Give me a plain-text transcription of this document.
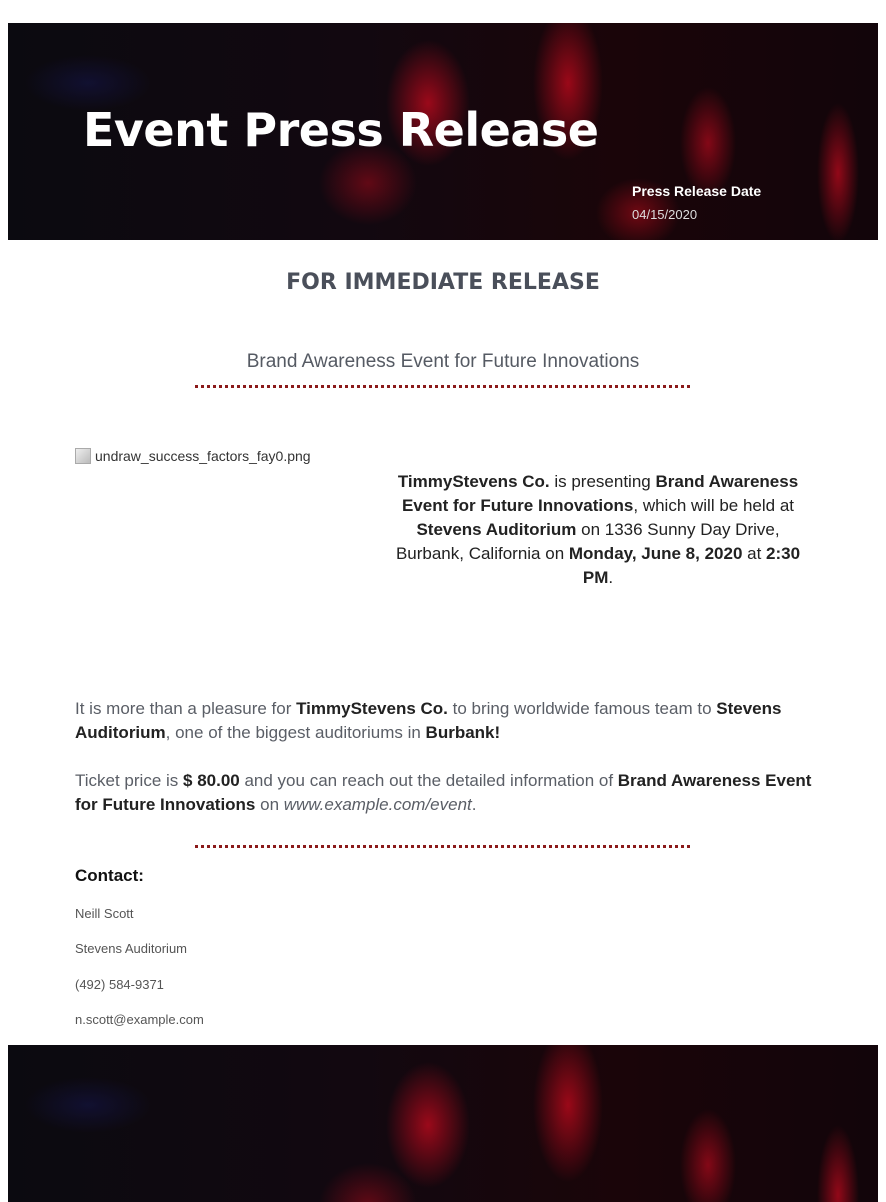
Event Press Release
Press Release Date
04/15/2020
FOR IMMEDIATE RELEASE
Brand Awareness Event for Future Innovations
undraw_success_factors_fay0.png
TimmyStevens Co. is presenting Brand Awareness Event for Future Innovations, which will be held at Stevens Auditorium on 1336 Sunny Day Drive, Burbank, California on Monday, June 8, 2020 at 2:30 PM.
It is more than a pleasure for TimmyStevens Co. to bring worldwide famous team to Stevens Auditorium, one of the biggest auditoriums in Burbank!
Ticket price is $ 80.00 and you can reach out the detailed information of Brand Awareness Event for Future Innovations on www.example.com/event.
Contact:
Neill Scott
Stevens Auditorium
(492) 584-9371
n.scott@example.com
